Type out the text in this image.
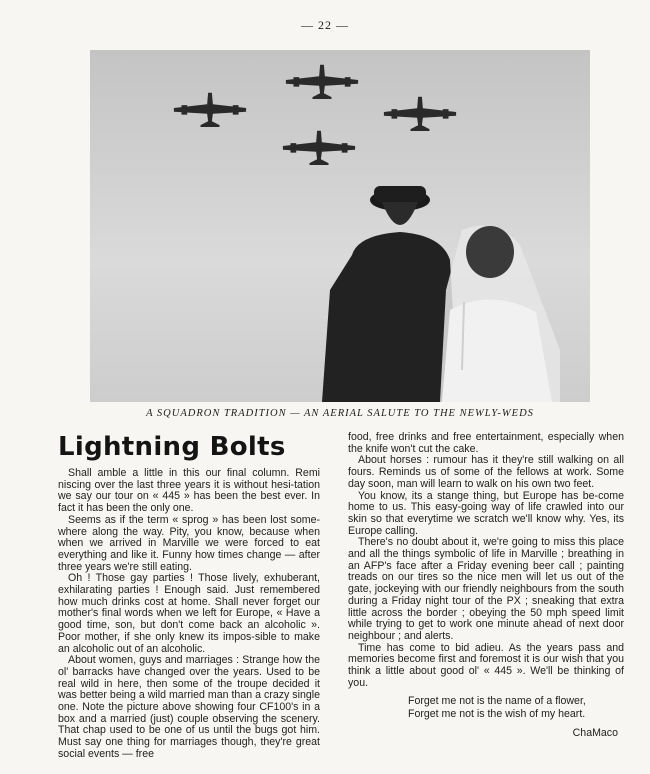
— 22 —
A SQUADRON TRADITION — AN AERIAL SALUTE TO THE NEWLY-WEDS
Lightning Bolts

Shall amble a little in this our final column. Remi niscing over the last three years it is without hesi-tation we say our tour on « 445 » has been the best ever. In fact it has been the only one.

Seems as if the term « sprog » has been lost some-where along the way. Pity, you know, because when when we arrived in Marville we were forced to eat everything and like it. Funny how times change — after three years we're still eating.

Oh ! Those gay parties ! Those lively, exhuberant, exhilarating parties ! Enough said. Just remembered how much drinks cost at home. Shall never forget our mother's final words when we left for Europe, « Have a good time, son, but don't come back an alcoholic ». Poor mother, if she only knew its impos-sible to make an alcoholic out of an alcoholic.

About women, guys and marriages : Strange how the ol' barracks have changed over the years. Used to be real wild in here, then some of the troupe decided it was better being a wild married man than a crazy single one. Note the picture above showing four CF100's in a box and a married (just) couple observing the scenery. That chap used to be one of us until the bugs got him. Must say one thing for marriages though, they're great social events — free

food, free drinks and free entertainment, especially when the knife won't cut the cake.

About horses : rumour has it they're still walking on all fours. Reminds us of some of the fellows at work. Some day soon, man will learn to walk on his own two feet.

You know, its a stange thing, but Europe has be-come home to us. This easy-going way of life crawled into our skin so that everytime we scratch we'll know why. Yes, its Europe calling.

There's no doubt about it, we're going to miss this place and all the things symbolic of life in Marville ; breathing in an AFP's face after a Friday evening beer call ; painting treads on our tires so the nice men will let us out of the gate, jockeying with our friendly neighbours from the south during a Friday night tour of the PX ; sneaking that extra little across the border ; obeying the 50 mph speed limit while trying to get to work one minute ahead of next door neighbour ; and alerts.

Time has come to bid adieu. As the years pass and memories become first and foremost it is our wish that you think a little about good ol' « 445 ». We'll be thinking of you.

Forget me not is the name of a flower,
Forget me not is the wish of my heart.
ChaMaco
